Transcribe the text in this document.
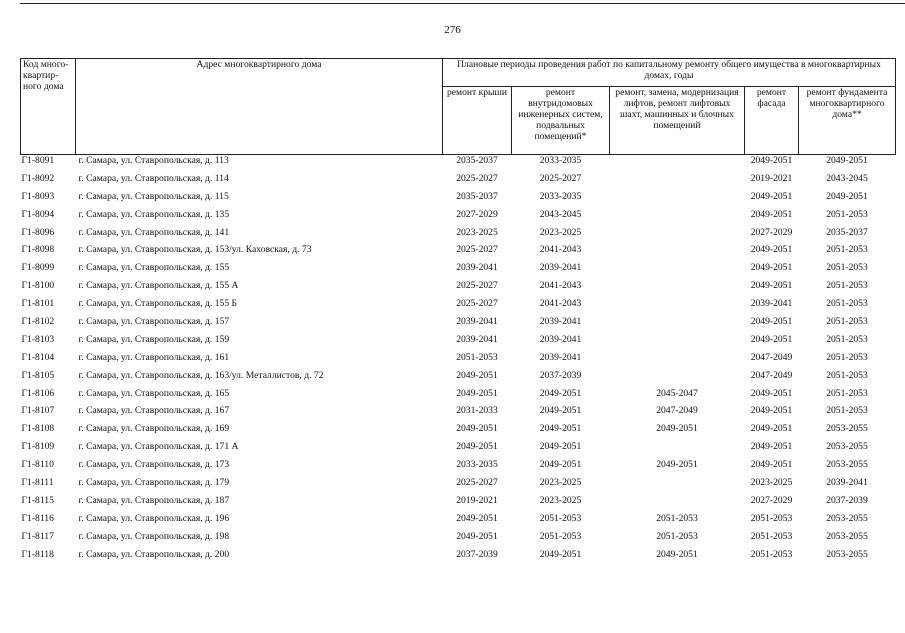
276
Код много-квартир-ного дома	Адрес многоквартирного дома	Плановые периоды проведения работ по капитальному ремонту общего имущества в многоквартирных домах, годы				
		ремонт крыши	ремонт внутридомовых инженерных систем, подвальных помещений*	ремонт, замена, модернизация лифтов, ремонт лифтовых шахт, машинных и блочных помещений	ремонт фасада	ремонт фундамента многоквартирного дома**
Г1-8091	г. Самара, ул. Ставропольская, д. 113	2035-2037	2033-2035		2049-2051	2049-2051
Г1-8092	г. Самара, ул. Ставропольская, д. 114	2025-2027	2025-2027		2019-2021	2043-2045
Г1-8093	г. Самара, ул. Ставропольская, д. 115	2035-2037	2033-2035		2049-2051	2049-2051
Г1-8094	г. Самара, ул. Ставропольская, д. 135	2027-2029	2043-2045		2049-2051	2051-2053
Г1-8096	г. Самара, ул. Ставропольская, д. 141	2023-2025	2023-2025		2027-2029	2035-2037
Г1-8098	г. Самара, ул. Ставропольская, д. 153/ул. Каховская, д. 73	2025-2027	2041-2043		2049-2051	2051-2053
Г1-8099	г. Самара, ул. Ставропольская, д. 155	2039-2041	2039-2041		2049-2051	2051-2053
Г1-8100	г. Самара, ул. Ставропольская, д. 155 А	2025-2027	2041-2043		2049-2051	2051-2053
Г1-8101	г. Самара, ул. Ставропольская, д. 155 Б	2025-2027	2041-2043		2039-2041	2051-2053
Г1-8102	г. Самара, ул. Ставропольская, д. 157	2039-2041	2039-2041		2049-2051	2051-2053
Г1-8103	г. Самара, ул. Ставропольская, д. 159	2039-2041	2039-2041		2049-2051	2051-2053
Г1-8104	г. Самара, ул. Ставропольская, д. 161	2051-2053	2039-2041		2047-2049	2051-2053
Г1-8105	г. Самара, ул. Ставропольская, д. 163/ул. Металлистов, д. 72	2049-2051	2037-2039		2047-2049	2051-2053
Г1-8106	г. Самара, ул. Ставропольская, д. 165	2049-2051	2049-2051	2045-2047	2049-2051	2051-2053
Г1-8107	г. Самара, ул. Ставропольская, д. 167	2031-2033	2049-2051	2047-2049	2049-2051	2051-2053
Г1-8108	г. Самара, ул. Ставропольская, д. 169	2049-2051	2049-2051	2049-2051	2049-2051	2053-2055
Г1-8109	г. Самара, ул. Ставропольская, д. 171 А	2049-2051	2049-2051		2049-2051	2053-2055
Г1-8110	г. Самара, ул. Ставропольская, д. 173	2033-2035	2049-2051	2049-2051	2049-2051	2053-2055
Г1-8111	г. Самара, ул. Ставропольская, д. 179	2025-2027	2023-2025		2023-2025	2039-2041
Г1-8115	г. Самара, ул. Ставропольская, д. 187	2019-2021	2023-2025		2027-2029	2037-2039
Г1-8116	г. Самара, ул. Ставропольская, д. 196	2049-2051	2051-2053	2051-2053	2051-2053	2053-2055
Г1-8117	г. Самара, ул. Ставропольская, д. 198	2049-2051	2051-2053	2051-2053	2051-2053	2053-2055
Г1-8118	г. Самара, ул. Ставропольская, д. 200	2037-2039	2049-2051	2049-2051	2051-2053	2053-2055
